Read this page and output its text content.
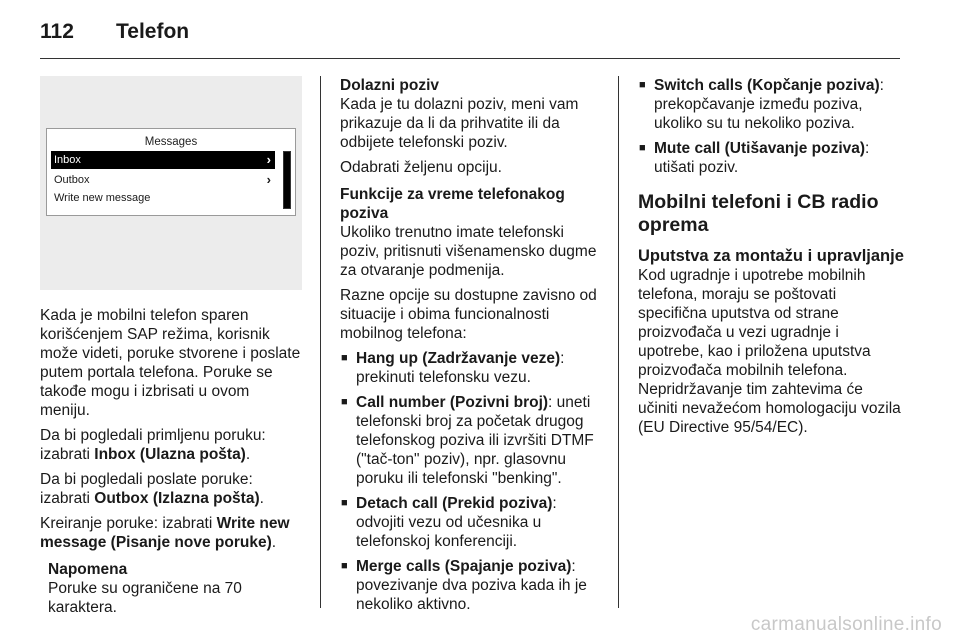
112 Telefon
Messages
Inbox	›
Outbox	›
Write new message

Kada je mobilni telefon sparen korišćenjem SAP režima, korisnik može videti, poruke stvorene i poslate putem portala telefona. Poruke se takođe mogu i izbrisati u ovom meniju.

Da bi pogledali primljenu poruku: izabrati Inbox (Ulazna pošta).

Da bi pogledali poslate poruke: izabrati Outbox (Izlazna pošta).

Kreiranje poruke: izabrati Write new message (Pisanje nove poruke).

Napomena
Poruke su ograničene na 70 karaktera.
Dolazni poziv

Kada je tu dolazni poziv, meni vam prikazuje da li da prihvatite ili da odbijete telefonski poziv.

Odabrati željenu opciju.

Funkcije za vreme telefonakog poziva

Ukoliko trenutno imate telefonski poziv, pritisnuti višenamensko dugme za otvaranje podmenija.

Razne opcije su dostupne zavisno od situacije i obima funcionalnosti mobilnog telefona:

■ Hang up (Zadržavanje veze): prekinuti telefonsku vezu.
■ Call number (Pozivni broj): uneti telefonski broj za početak drugog telefonskog poziva ili izvršiti DTMF ("tač-ton" poziv), npr. glasovnu poruku ili telefonski "benking".
■ Detach call (Prekid poziva): odvojiti vezu od učesnika u telefonskoj konferenciji.
■ Merge calls (Spajanje poziva): povezivanje dva poziva kada ih je nekoliko aktivno.
■ Switch calls (Kopčanje poziva): prekopčavanje između poziva, ukoliko su tu nekoliko poziva.
■ Mute call (Utišavanje poziva): utišati poziv.
Mobilni telefoni i CB radio oprema
Uputstva za montažu i upravljanje

Kod ugradnje i upotrebe mobilnih telefona, moraju se poštovati specifična uputstva od strane proizvođača u vezi ugradnje i upotrebe, kao i priložena uputstva proizvođača mobilnih telefona. Nepridržavanje tim zahtevima će učiniti nevažećom homologaciju vozila (EU Directive 95/54/EC).

carmanualsonline.info
